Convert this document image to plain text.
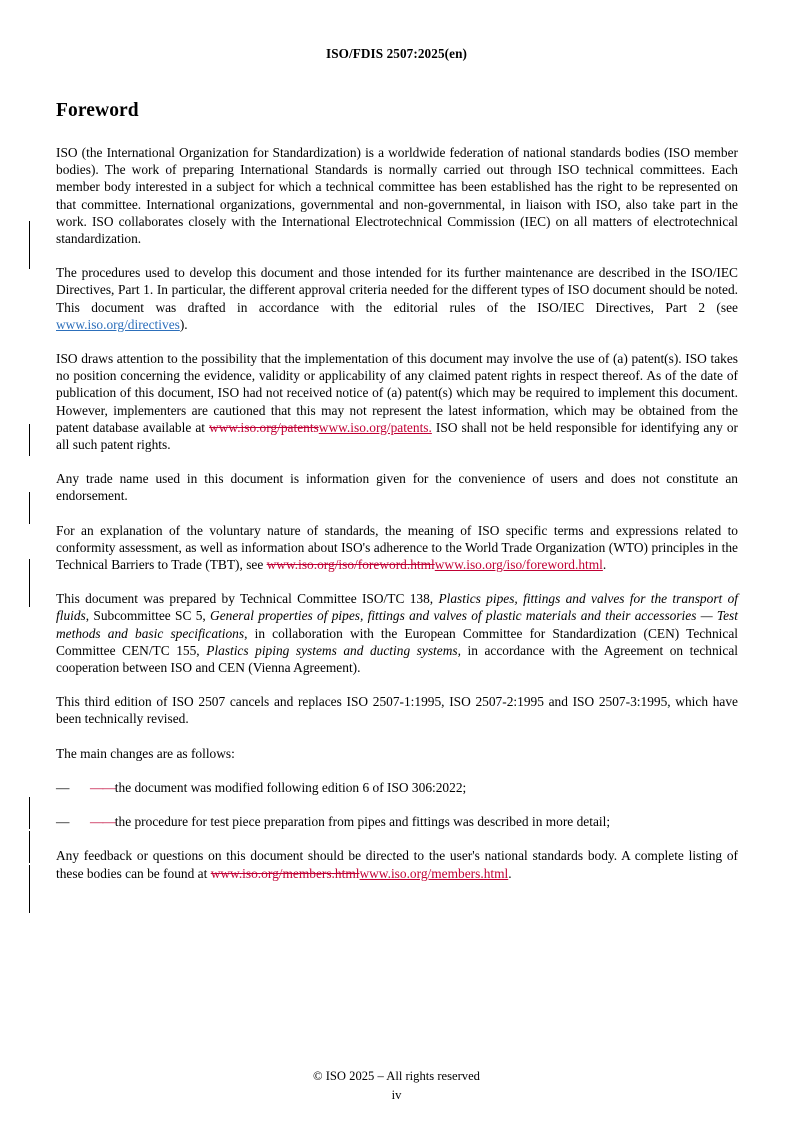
ISO/FDIS 2507:2025(en)
Foreword

ISO (the International Organization for Standardization) is a worldwide federation of national standards bodies (ISO member bodies). The work of preparing International Standards is normally carried out through ISO technical committees. Each member body interested in a subject for which a technical committee has been established has the right to be represented on that committee. International organizations, governmental and non-governmental, in liaison with ISO, also take part in the work. ISO collaborates closely with the International Electrotechnical Commission (IEC) on all matters of electrotechnical standardization.

The procedures used to develop this document and those intended for its further maintenance are described in the ISO/IEC Directives, Part 1. In particular, the different approval criteria needed for the different types of ISO document should be noted. This document was drafted in accordance with the editorial rules of the ISO/IEC Directives, Part 2 (see www.iso.org/directives).

ISO draws attention to the possibility that the implementation of this document may involve the use of (a) patent(s). ISO takes no position concerning the evidence, validity or applicability of any claimed patent rights in respect thereof. As of the date of publication of this document, ISO had not received notice of (a) patent(s) which may be required to implement this document. However, implementers are cautioned that this may not represent the latest information, which may be obtained from the patent database available at www.iso.org/patentswww.iso.org/patents. ISO shall not be held responsible for identifying any or all such patent rights.

Any trade name used in this document is information given for the convenience of users and does not constitute an endorsement.

For an explanation of the voluntary nature of standards, the meaning of ISO specific terms and expressions related to conformity assessment, as well as information about ISO's adherence to the World Trade Organization (WTO) principles in the Technical Barriers to Trade (TBT), see www.iso.org/iso/foreword.htmlwww.iso.org/iso/foreword.html.

This document was prepared by Technical Committee ISO/TC 138, Plastics pipes, fittings and valves for the transport of fluids, Subcommittee SC 5, General properties of pipes, fittings and valves of plastic materials and their accessories — Test methods and basic specifications, in collaboration with the European Committee for Standardization (CEN) Technical Committee CEN/TC 155, Plastics piping systems and ducting systems, in accordance with the Agreement on technical cooperation between ISO and CEN (Vienna Agreement).

This third edition of ISO 2507 cancels and replaces ISO 2507-1:1995, ISO 2507-2:1995 and ISO 2507-3:1995, which have been technically revised.

The main changes are as follows:

— ——the document was modified following edition 6 of ISO 306:2022;
— ——the procedure for test piece preparation from pipes and fittings was described in more detail;

Any feedback or questions on this document should be directed to the user's national standards body. A complete listing of these bodies can be found at www.iso.org/members.htmlwww.iso.org/members.html.

© ISO 2025 – All rights reserved
iv
